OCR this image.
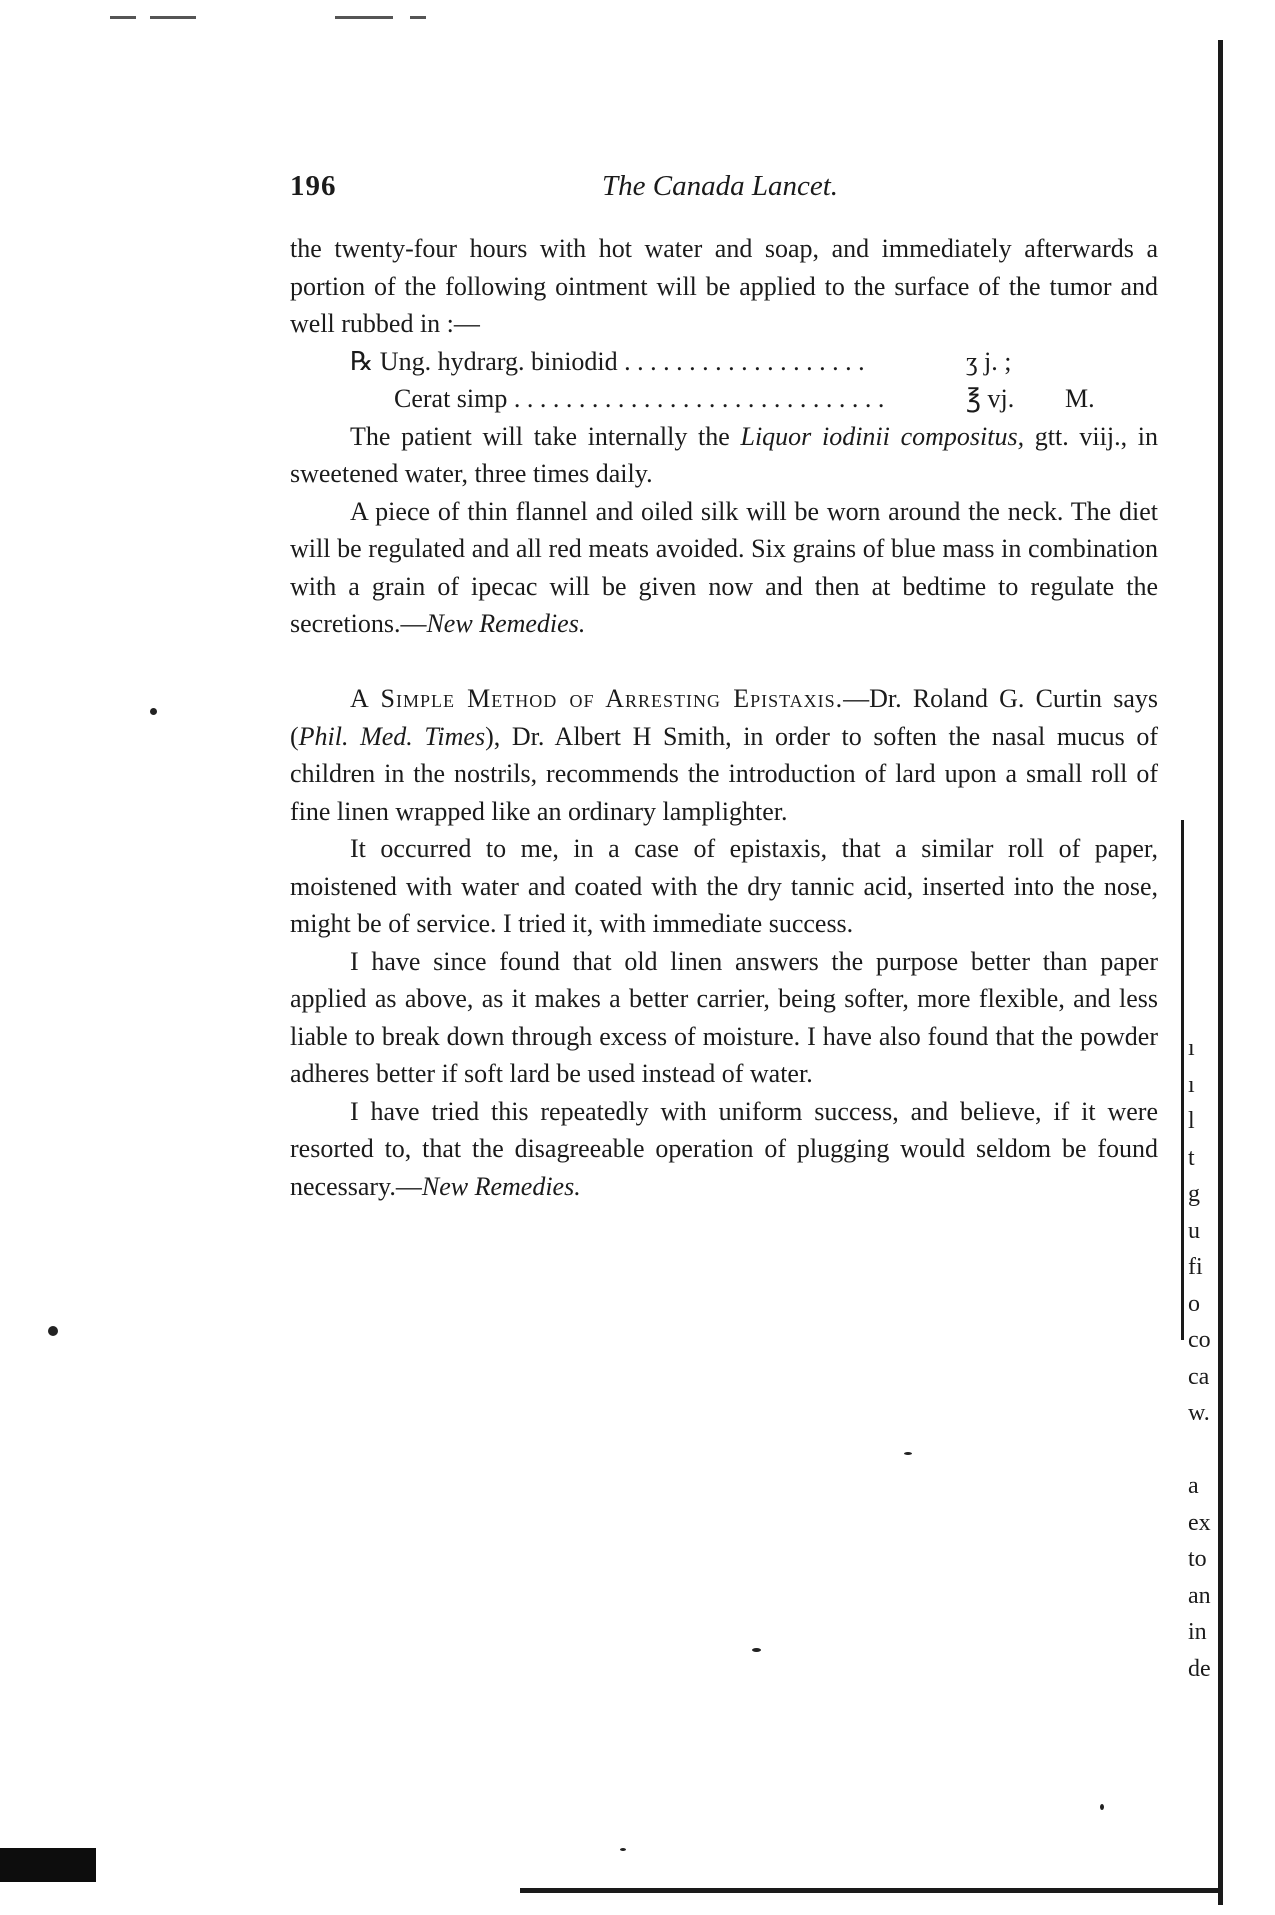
196	The Canada Lancet.

the twenty-four hours with hot water and soap, and immediately afterwards a portion of the following ointment will be applied to the surface of the tumor and well rubbed in :—

℞ Ung. hydrarg. biniodid . . . . . . . . . . . . . . . . . . .	ʒ j. ;
Cerat simp . . . . . . . . . . . . . . . . . . . . . . . . . . . . .	℥ vj. M.

The patient will take internally the Liquor iodinii compositus, gtt. viij., in sweetened water, three times daily.

A piece of thin flannel and oiled silk will be worn around the neck. The diet will be regulated and all red meats avoided. Six grains of blue mass in combination with a grain of ipecac will be given now and then at bedtime to regulate the secretions.—New Remedies.

A Simple Method of Arresting Epistaxis.—Dr. Roland G. Curtin says (Phil. Med. Times), Dr. Albert H Smith, in order to soften the nasal mucus of children in the nostrils, recommends the introduction of lard upon a small roll of fine linen wrapped like an ordinary lamplighter.

It occurred to me, in a case of epistaxis, that a similar roll of paper, moistened with water and coated with the dry tannic acid, inserted into the nose, might be of service. I tried it, with immediate success.

I have since found that old linen answers the purpose better than paper applied as above, as it makes a better carrier, being softer, more flexible, and less liable to break down through excess of moisture. I have also found that the powder adheres better if soft lard be used instead of water.

I have tried this repeatedly with uniform success, and believe, if it were resorted to, that the disagreeable operation of plugging would seldom be found necessary.—New Remedies.

ı
ı
l
t
g
u
fi
o
co
ca
w.
a
ex
to
an
in
de
